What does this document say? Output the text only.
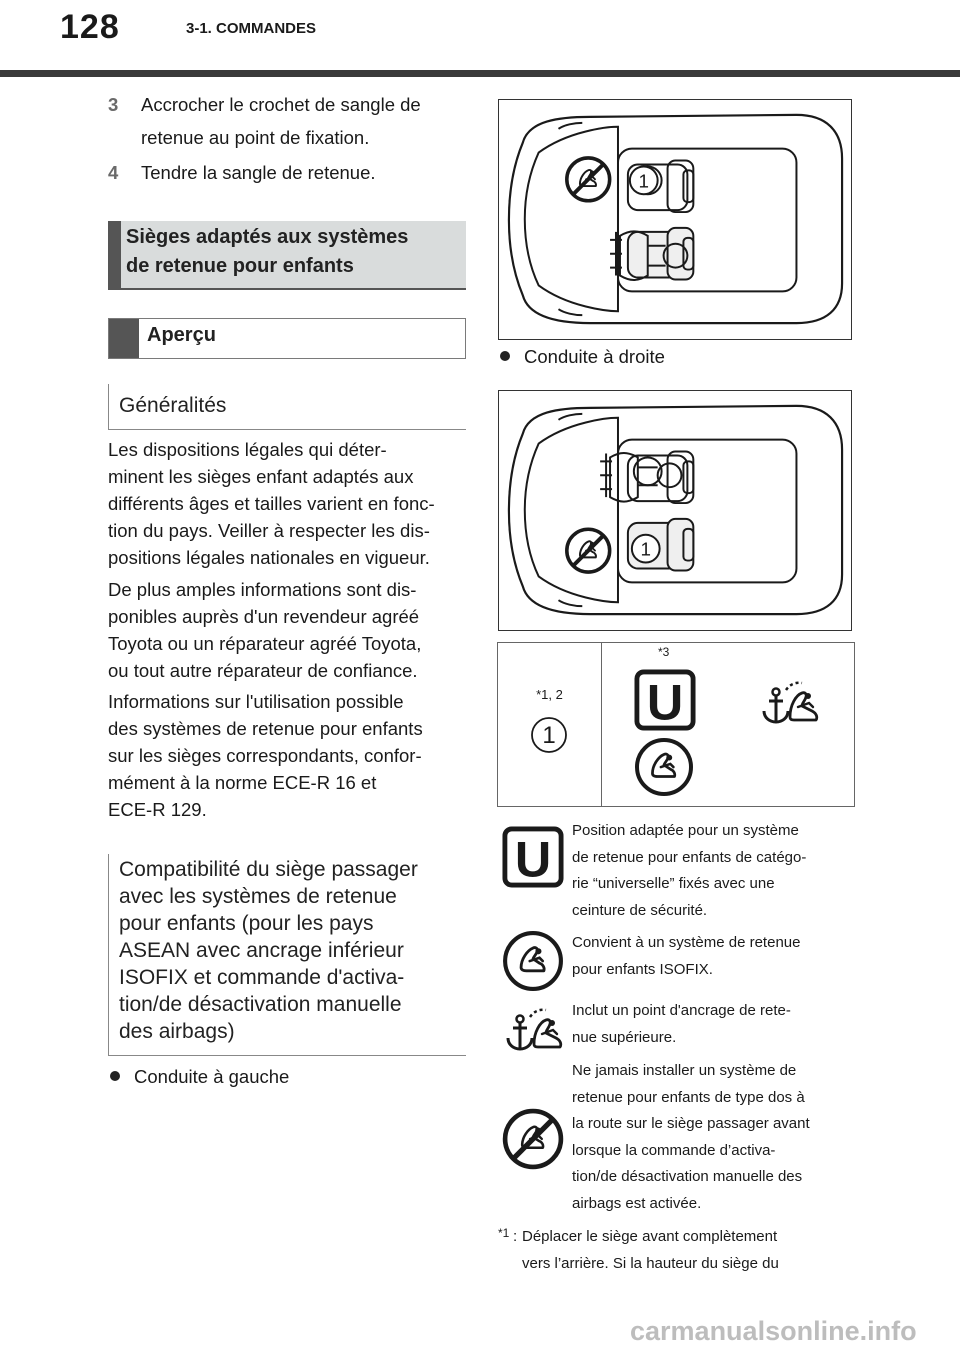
128	3-1. COMMANDES
3	Accrocher le crochet de sangle de retenue au point de fixation.
4	Tendre la sangle de retenue.
Sièges adaptés aux systèmes
de retenue pour enfants
Aperçu
Généralités
Les dispositions légales qui déter-
minent les sièges enfant adaptés aux
différents âges et tailles varient en fonc-
tion du pays. Veiller à respecter les dis-
positions légales nationales en vigueur.
De plus amples informations sont dis-
ponibles auprès d'un revendeur agréé
Toyota ou un réparateur agréé Toyota,
ou tout autre réparateur de confiance.
Informations sur l'utilisation possible
des systèmes de retenue pour enfants
sur les sièges correspondants, confor-
mément à la norme ECE-R 16 et
ECE-R 129.
Compatibilité du siège passager
avec les systèmes de retenue
pour enfants (pour les pays
ASEAN avec ancrage inférieur
ISOFIX et commande d'activa-
tion/de désactivation manuelle
des airbags)
Conduite à gauche
1
Conduite à droite
1
*1, 2
1
*3
U
U Position adaptée pour un système
de retenue pour enfants de catégo-
rie “universelle” fixés avec une
ceinture de sécurité.
Convient à un système de retenue
pour enfants ISOFIX.
Inclut un point d'ancrage de rete-
nue supérieure.
Ne jamais installer un système de
retenue pour enfants de type dos à
la route sur le siège passager avant
lorsque la commande d’activa-
tion/de désactivation manuelle des
airbags est activée.
*1 : Déplacer le siège avant complètement
vers l’arrière. Si la hauteur du siège du
carmanualsonline.info
